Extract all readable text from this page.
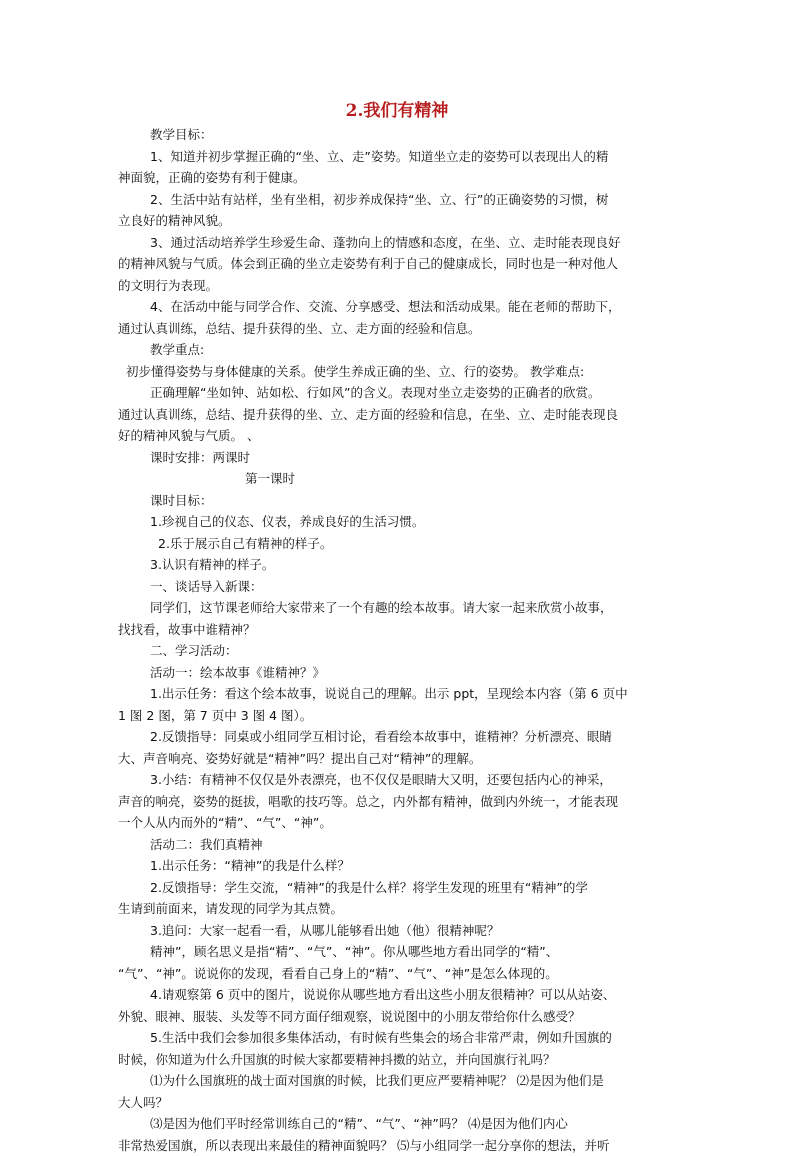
2.我们有精神
教学目标：
1、知道并初步掌握正确的“坐、立、走”姿势。知道坐立走的姿势可以表现出人的精
神面貌，正确的姿势有利于健康。
2、生活中站有站样，坐有坐相，初步养成保持“坐、立、行”的正确姿势的习惯，树
立良好的精神风貌。
3、通过活动培养学生珍爱生命、蓬勃向上的情感和态度，在坐、立、走时能表现良好
的精神风貌与气质。体会到正确的坐立走姿势有利于自己的健康成长，同时也是一种对他人
的文明行为表现。
4、在活动中能与同学合作、交流、分享感受、想法和活动成果。能在老师的帮助下，
通过认真训练，总结、提升获得的坐、立、走方面的经验和信息。
教学重点:
初步懂得姿势与身体健康的关系。使学生养成正确的坐、立、行的姿势。 教学难点:
正确理解“坐如钟、站如松、行如风”的含义。表现对坐立走姿势的正确者的欣赏。
通过认真训练，总结、提升获得的坐、立、走方面的经验和信息，在坐、立、走时能表现良
好的精神风貌与气质。 、
课时安排：两课时
第一课时
课时目标：
1.珍视自己的仪态、仪表，养成良好的生活习惯。
2.乐于展示自己有精神的样子。
3.认识有精神的样子。
一、谈话导入新课：
同学们，这节课老师给大家带来了一个有趣的绘本故事。请大家一起来欣赏小故事，
找找看，故事中谁精神？
二、学习活动：
活动一：绘本故事《谁精神？》
1.出示任务：看这个绘本故事，说说自己的理解。出示 ppt，呈现绘本内容（第 6 页中
1 图 2 图，第 7 页中 3 图 4 图）。
2.反馈指导：同桌或小组同学互相讨论，看看绘本故事中，谁精神？分析漂亮、眼睛
大、声音响亮、姿势好就是“精神”吗？提出自己对“精神”的理解。
3.小结：有精神不仅仅是外表漂亮，也不仅仅是眼睛大又明，还要包括内心的神采，
声音的响亮，姿势的挺拔，唱歌的技巧等。总之，内外都有精神，做到内外统一，才能表现
一个人从内而外的“精”、“气”、“神”。
活动二：我们真精神
1.出示任务：“精神”的我是什么样？
2.反馈指导：学生交流，“精神”的我是什么样？将学生发现的班里有“精神”的学
生请到前面来，请发现的同学为其点赞。
3.追问：大家一起看一看，从哪儿能够看出她（他）很精神呢？
精神”，顾名思义是指“精”、“气”、“神”。你从哪些地方看出同学的“精”、
“气”、“神”。说说你的发现，看看自己身上的“精”、“气”、“神”是怎么体现的。
4.请观察第 6 页中的图片，说说你从哪些地方看出这些小朋友很精神？可以从站姿、
外貌、眼神、服装、头发等不同方面仔细观察，说说图中的小朋友带给你什么感受？
5.生活中我们会参加很多集体活动，有时候有些集会的场合非常严肃，例如升国旗的
时候，你知道为什么升国旗的时候大家都要精神抖擞的站立，并向国旗行礼吗？
⑴为什么国旗班的战士面对国旗的时候，比我们更应严要精神呢？ ⑵是因为他们是
大人吗？
⑶是因为他们平时经常训练自己的“精”、“气”、“神”吗？ ⑷是因为他们内心
非常热爱国旗，所以表现出来最佳的精神面貌吗？ ⑸与小组同学一起分享你的想法，并听
